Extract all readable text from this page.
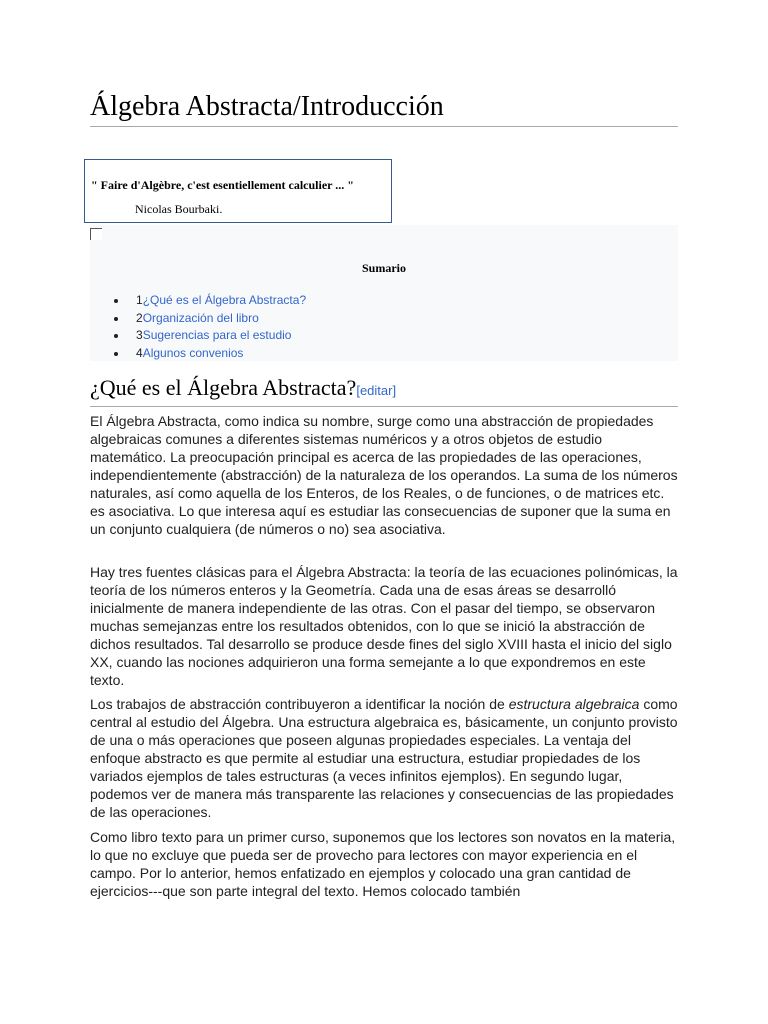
Álgebra Abstracta/Introducción
" Faire d'Algèbre, c'est esentiellement calculier ... "
Nicolas Bourbaki.
Sumario
1¿Qué es el Álgebra Abstracta?
2Organización del libro
3Sugerencias para el estudio
4Algunos convenios
¿Qué es el Álgebra Abstracta?[editar]

El Álgebra Abstracta, como indica su nombre, surge como una abstracción de propiedades algebraicas comunes a diferentes sistemas numéricos y a otros objetos de estudio matemático. La preocupación principal es acerca de las propiedades de las operaciones, independientemente (abstracción) de la naturaleza de los operandos. La suma de los números naturales, así como aquella de los Enteros, de los Reales, o de funciones, o de matrices etc. es asociativa. Lo que interesa aquí es estudiar las consecuencias de suponer que la suma en un conjunto cualquiera (de números o no) sea asociativa.

Hay tres fuentes clásicas para el Álgebra Abstracta: la teoría de las ecuaciones polinómicas, la teoría de los números enteros y la Geometría. Cada una de esas áreas se desarrolló inicialmente de manera independiente de las otras. Con el pasar del tiempo, se observaron muchas semejanzas entre los resultados obtenidos, con lo que se inició la abstracción de dichos resultados. Tal desarrollo se produce desde fines del siglo XVIII hasta el inicio del siglo XX, cuando las nociones adquirieron una forma semejante a lo que expondremos en este texto.

Los trabajos de abstracción contribuyeron a identificar la noción de estructura algebraica como central al estudio del Álgebra. Una estructura algebraica es, básicamente, un conjunto provisto de una o más operaciones que poseen algunas propiedades especiales. La ventaja del enfoque abstracto es que permite al estudiar una estructura, estudiar propiedades de los variados ejemplos de tales estructuras (a veces infinitos ejemplos). En segundo lugar, podemos ver de manera más transparente las relaciones y consecuencias de las propiedades de las operaciones.

Como libro texto para un primer curso, suponemos que los lectores son novatos en la materia, lo que no excluye que pueda ser de provecho para lectores con mayor experiencia en el campo. Por lo anterior, hemos enfatizado en ejemplos y colocado una gran cantidad de ejercicios---que son parte integral del texto. Hemos colocado también
